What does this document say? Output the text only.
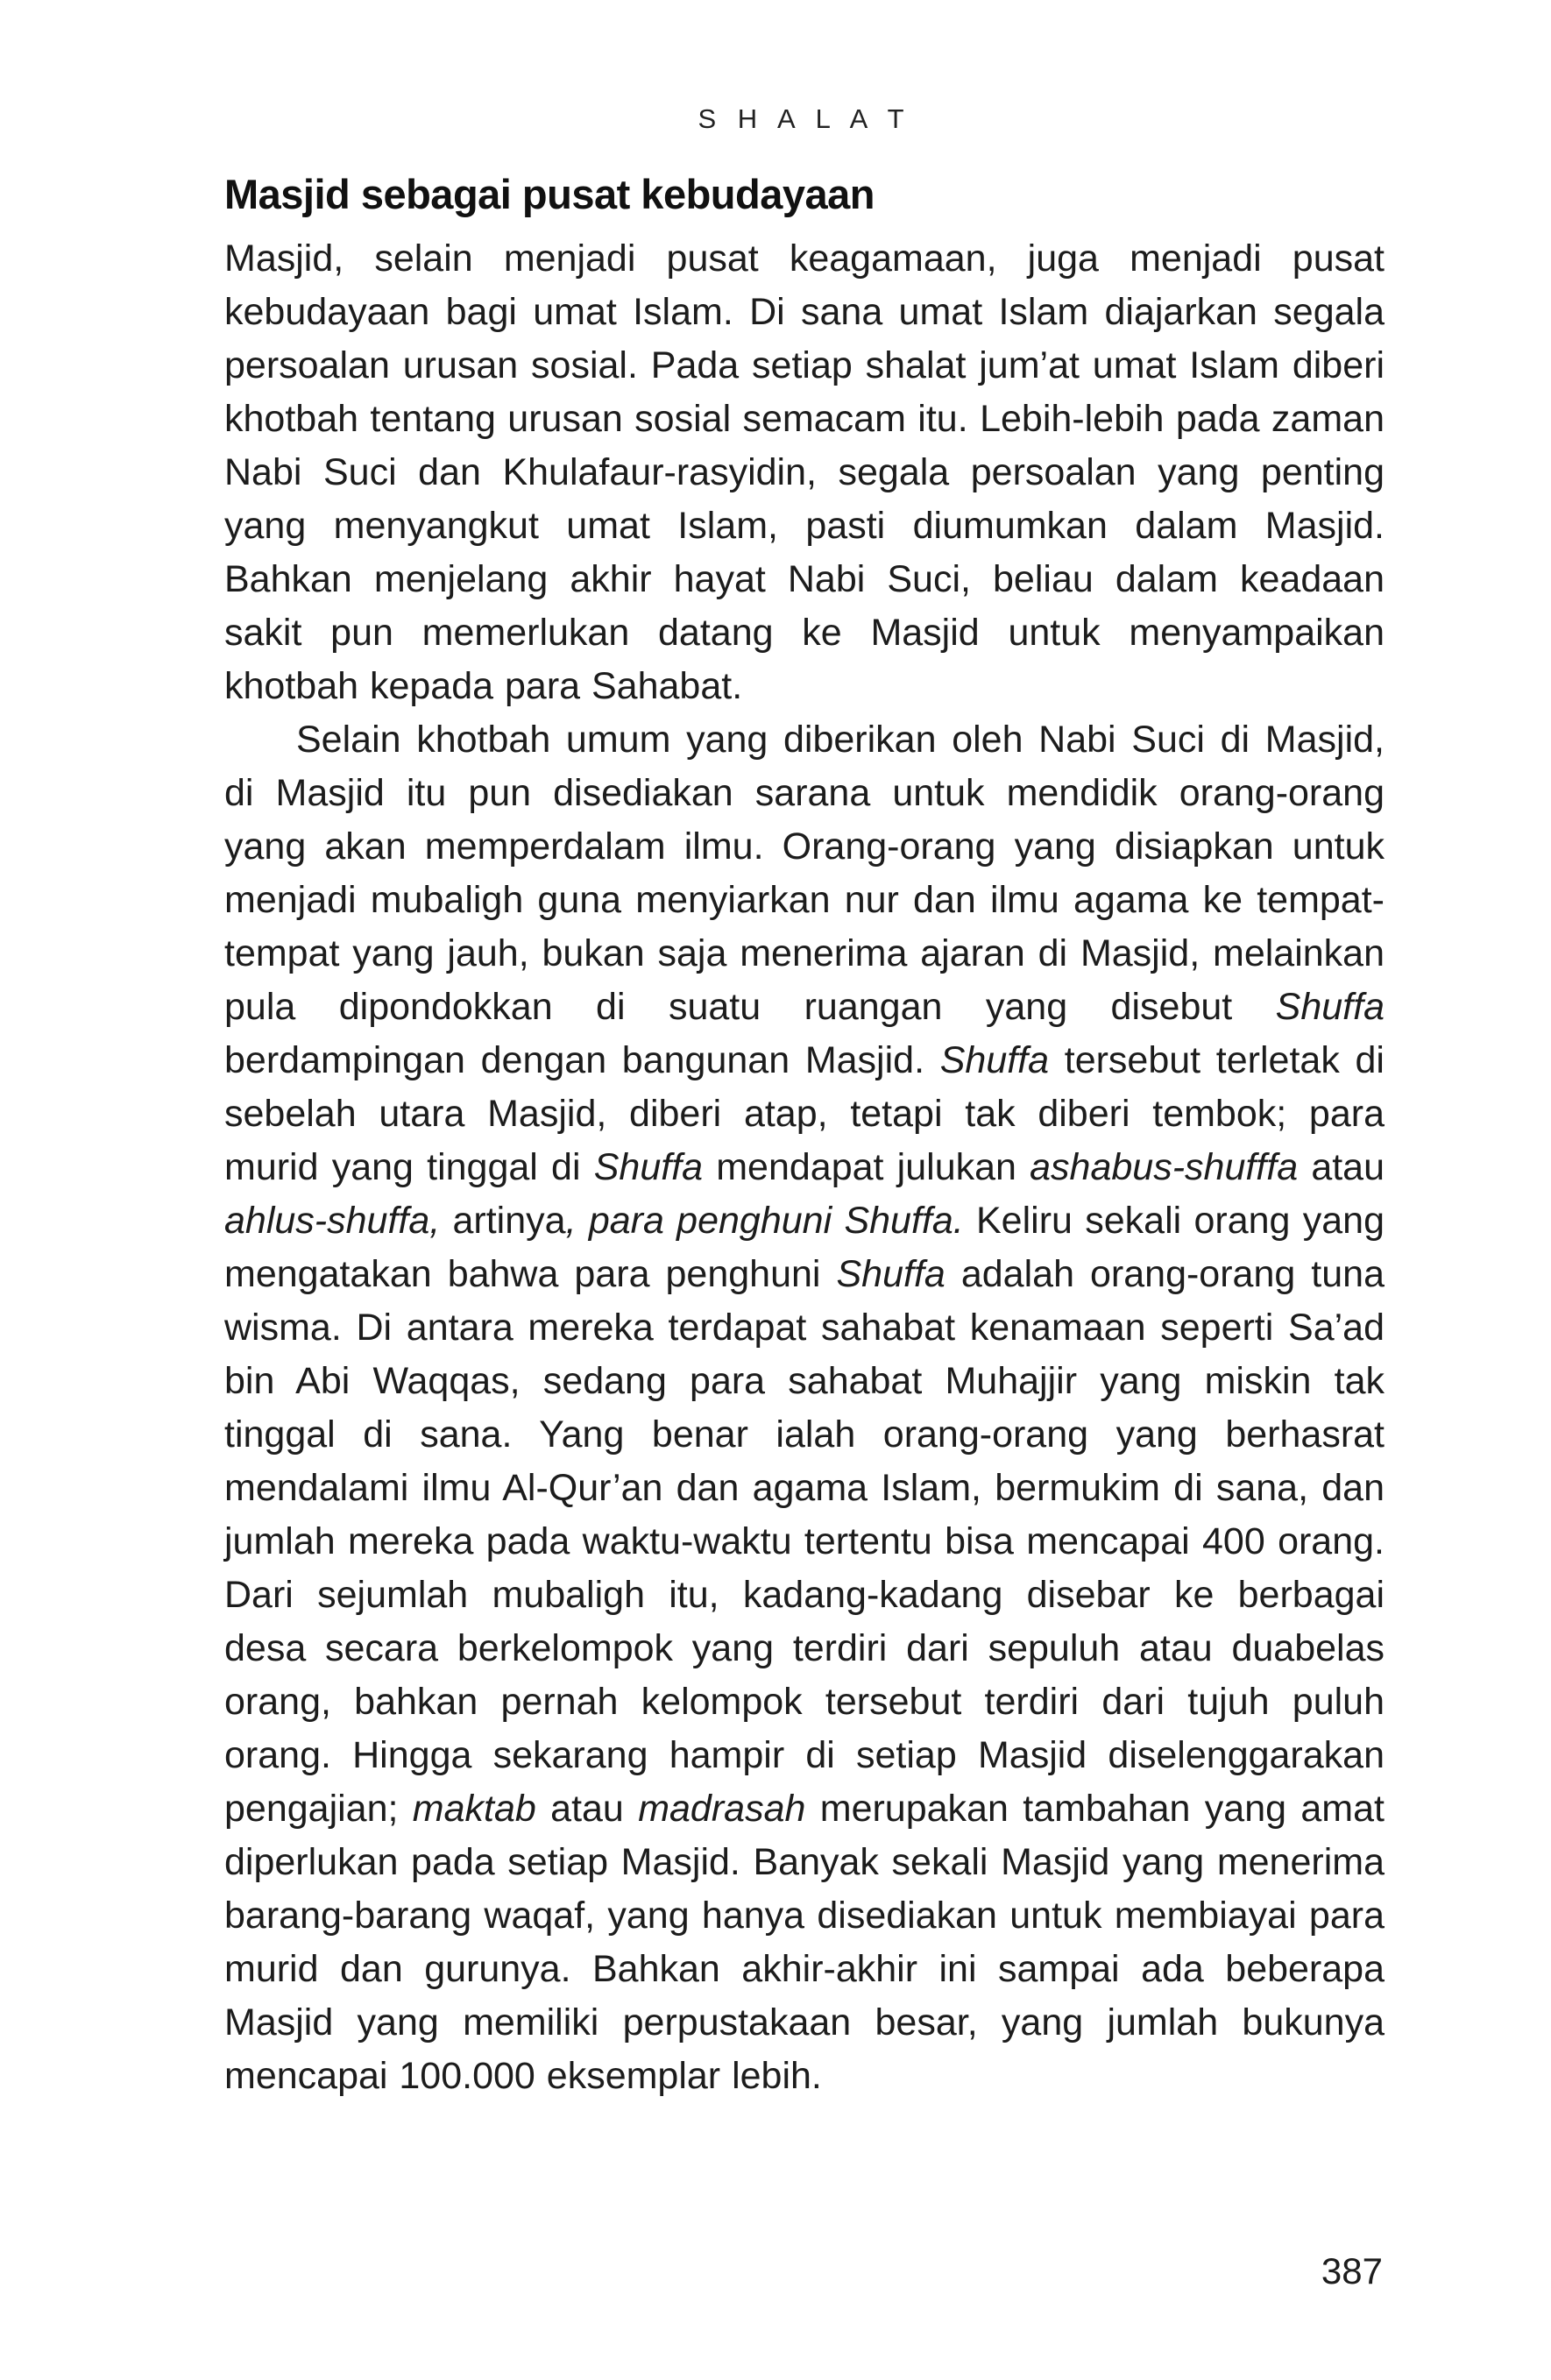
S H A L A T
Masjid sebagai pusat kebudayaan

Masjid, selain menjadi pusat keagamaan, juga menjadi pusat kebudayaan bagi umat Islam. Di sana umat Islam diajarkan segala persoalan urusan sosial. Pada setiap shalat jum’at umat Islam diberi khotbah tentang urusan sosial semacam itu. Lebih-lebih pada zaman Nabi Suci dan Khulafaur-rasyidin, segala persoalan yang penting yang menyangkut umat Islam, pasti diumumkan dalam Masjid. Bahkan menjelang akhir hayat Nabi Suci, beliau dalam keadaan sakit pun memerlukan datang ke Masjid untuk menyampaikan khotbah kepada para Sahabat.

Selain khotbah umum yang diberikan oleh Nabi Suci di Masjid, di Masjid itu pun disediakan sarana untuk mendidik orang-orang yang akan memperdalam ilmu. Orang-orang yang disiapkan untuk menjadi mubaligh guna menyiarkan nur dan ilmu agama ke tempat-tempat yang jauh, bukan saja menerima ajaran di Masjid, melainkan pula dipondokkan di suatu ruangan yang disebut Shuffa berdampingan dengan bangunan Masjid. Shuffa tersebut terletak di sebelah utara Masjid, diberi atap, tetapi tak diberi tembok; para murid yang tinggal di Shuffa mendapat julukan ashabus-shufffa atau ahlus-shuffa, artinya, para penghuni Shuffa. Keliru sekali orang yang mengatakan bahwa para penghuni Shuffa adalah orang-orang tuna wisma. Di antara mereka terdapat sahabat kenamaan seperti Sa’ad bin Abi Waqqas, sedang para sahabat Muhajjir yang miskin tak tinggal di sana. Yang benar ialah orang-orang yang berhasrat mendalami ilmu Al-Qur’an dan agama Islam, bermukim di sana, dan jumlah mereka pada waktu-waktu tertentu bisa mencapai 400 orang. Dari sejumlah mubaligh itu, kadang-kadang disebar ke berbagai desa secara berkelompok yang terdiri dari sepuluh atau duabelas orang, bahkan pernah kelompok tersebut terdiri dari tujuh puluh orang. Hingga sekarang hampir di setiap Masjid diselenggarakan pengajian; maktab atau madrasah merupakan tambahan yang amat diperlukan pada setiap Masjid. Banyak sekali Masjid yang menerima barang-barang waqaf, yang hanya disediakan untuk membiayai para murid dan gurunya. Bahkan akhir-akhir ini sampai ada beberapa Masjid yang memiliki perpustakaan besar, yang jumlah bukunya mencapai 100.000 eksemplar lebih.

387
